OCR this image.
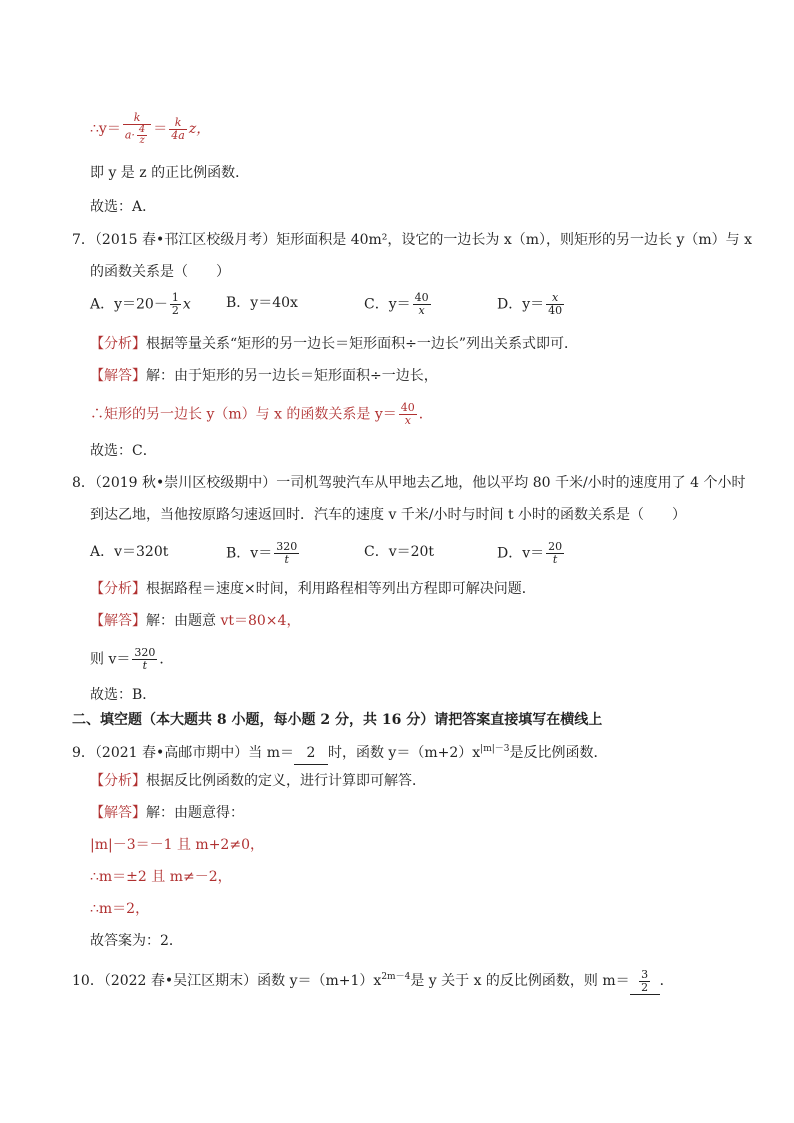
∴y＝ $\frac{k}{a\cdot \frac{4}{z}} = \frac{k}{4a}$ z，
即 y 是 z 的正比例函数．
故选：A．
7．（2015 春•邗江区校级月考）矩形面积是 40m²，设它的一边长为 x（m），则矩形的另一边长 y（m）与 x
的函数关系是（　　）
A．$y=20- \frac{1}{2}$ x	B．y＝40x	C．$y= \frac{40}{x}$	D．$y= \frac{x}{40}$
【分析】根据等量关系“矩形的另一边长＝矩形面积÷一边长”列出关系式即可．
【解答】解：由于矩形的另一边长＝矩形面积÷一边长，
∴矩形的另一边长 y（m）与 x 的函数关系是 $y= \frac{40}{x}$ ．
故选：C．
8．（2019 秋•崇川区校级期中）一司机驾驶汽车从甲地去乙地，他以平均 80 千米/小时的速度用了 4 个小时
到达乙地，当他按原路匀速返回时．汽车的速度 v 千米/小时与时间 t 小时的函数关系是（　　）
A．v＝320t	B．$v= \frac{320}{t}$	C．v＝20t	D．$v= \frac{20}{t}$
【分析】根据路程＝速度×时间，利用路程相等列出方程即可解决问题．
【解答】解：由题意 vt＝80×4，
则 $v= \frac{320}{t}$ ．
故选：B．
二、填空题（本大题共 8 小题，每小题 2 分，共 16 分）请把答案直接填写在横线上
9．（2021 春•高邮市期中）当 m＝ 2 时，函数 $y=(m+2)x^{|m|-3}$是反比例函数．
【分析】根据反比例函数的定义，进行计算即可解答．
【解答】解：由题意得：
|m|－3＝－1 且 m+2≠0，
∴m＝±2 且 m≠－2，
∴m＝2，
故答案为：2．
10．（2022 春•吴江区期末）函数 $y=(m+1)x^{2m-4}$是 y 关于 x 的反比例函数，则 $m= \frac{3}{2}$ ．
